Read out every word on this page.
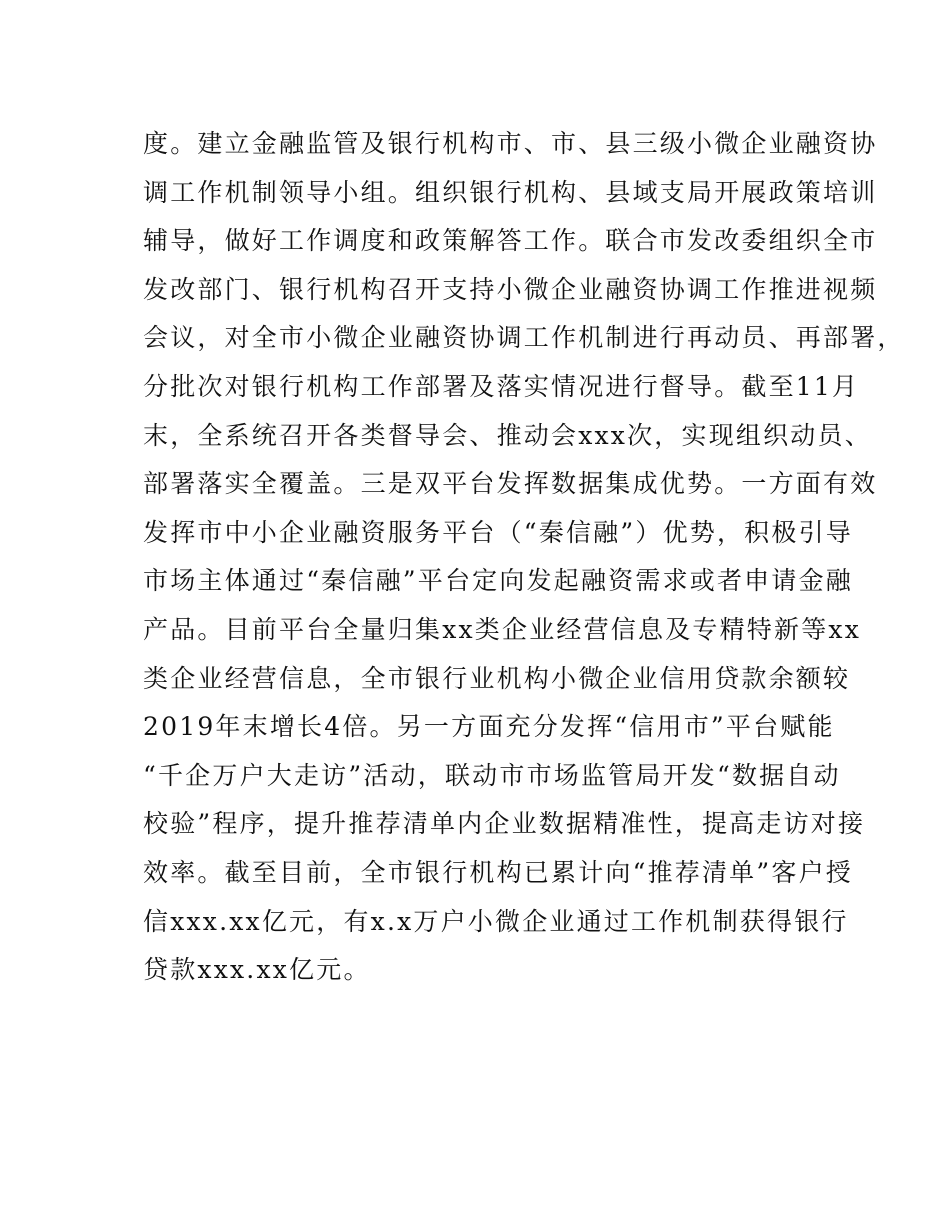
度。建立金融监管及银行机构市、市、县三级小微企业融资协
调工作机制领导小组。组织银行机构、县域支局开展政策培训
辅导，做好工作调度和政策解答工作。联合市发改委组织全市
发改部门、银行机构召开支持小微企业融资协调工作推进视频
会议，对全市小微企业融资协调工作机制进行再动员、再部署，
分批次对银行机构工作部署及落实情况进行督导。截至11月
末，全系统召开各类督导会、推动会xxx次，实现组织动员、
部署落实全覆盖。三是双平台发挥数据集成优势。一方面有效
发挥市中小企业融资服务平台（“秦信融”）优势，积极引导
市场主体通过“秦信融”平台定向发起融资需求或者申请金融
产品。目前平台全量归集xx类企业经营信息及专精特新等xx
类企业经营信息，全市银行业机构小微企业信用贷款余额较
2019年末增长4倍。另一方面充分发挥“信用市”平台赋能
“千企万户大走访”活动，联动市市场监管局开发“数据自动
校验”程序，提升推荐清单内企业数据精准性，提高走访对接
效率。截至目前，全市银行机构已累计向“推荐清单”客户授
信xxx.xx亿元，有x.x万户小微企业通过工作机制获得银行
贷款xxx.xx亿元。
